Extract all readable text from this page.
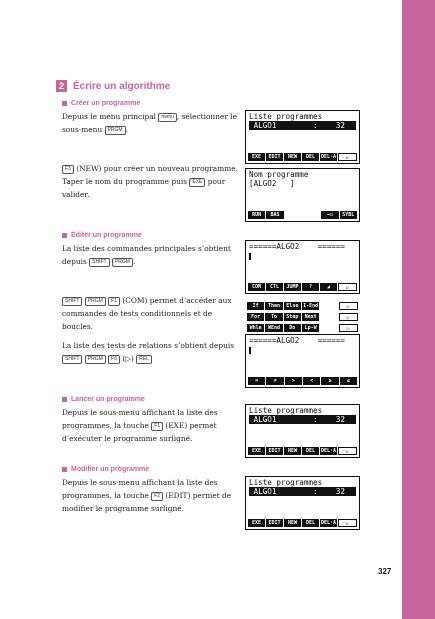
2 Écrire un algorithme
Créer un programme

Depuis le menu principal menu , sélectionner le sous-menu PRGM .

F3 (NEW) pour créer un nouveau programme.
Taper le nom du programme puis EXE pour valider.

Éditer un programme

La liste des commandes principales s’obtient depuis SHIFT PRGM .

SHIFT PRGM F1 (COM) permet d’accéder aux commandes de tests conditionnels et de boucles.

La liste des tests de relations s’obtient depuis SHIFT PRGM F6 (▷) REL

Lancer un programme

Depuis le sous-menu affichant la liste des programmes, la touche F1 (EXE) permet d’exécuter le programme surligné.

Modifier un programme

Depuis le sous-menu affichant la liste des programmes, la touche F2 (EDIT) permet de modifier le programme surligné.

Liste programmes
ALGO1        :    32
EXE	EDIT	NEW	DEL	DEL·A	▷
Nom programme
[ALGO2   ]
RUN	BAS	⊸○	SYBL
======ALGO2    ======
COM	CTL	JUMP	?	◢	▷
If	Then	Else I-End	▷
For	To	Step	Next	▷
Whle	WEnd	Do	Lp-W	▷
======ALGO2    ======
=	≠	>	<	≥	≤
Liste programmes
ALGO1        :    32
EXE	EDIT	NEW	DEL	DEL·A	▷
Liste programmes
ALGO1        :    32
EXE	EDIT	NEW	DEL	DEL·A	▷
327
